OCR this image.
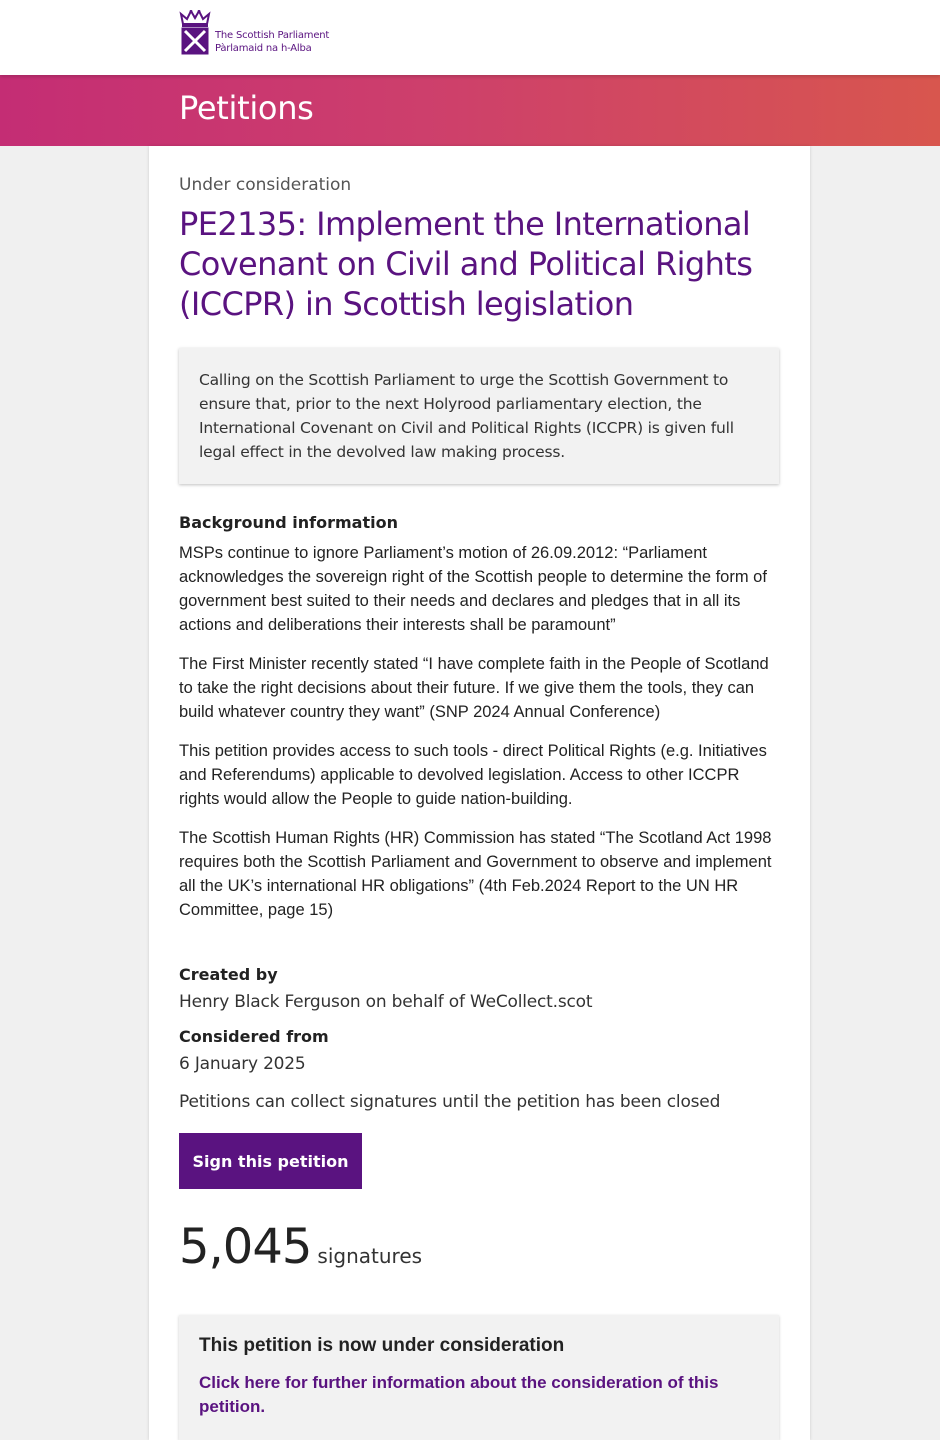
The Scottish Parliament
Pàrlamaid na h-Alba
Petitions
Under consideration
PE2135: Implement the International Covenant on Civil and Political Rights (ICCPR) in Scottish legislation
Calling on the Scottish Parliament to urge the Scottish Government to ensure that, prior to the next Holyrood parliamentary election, the International Covenant on Civil and Political Rights (ICCPR) is given full legal effect in the devolved law making process.
Background information

MSPs continue to ignore Parliament’s motion of 26.09.2012: “Parliament acknowledges the sovereign right of the Scottish people to determine the form of government best suited to their needs and declares and pledges that in all its actions and deliberations their interests shall be paramount”

The First Minister recently stated “I have complete faith in the People of Scotland to take the right decisions about their future. If we give them the tools, they can build whatever country they want” (SNP 2024 Annual Conference)

This petition provides access to such tools - direct Political Rights (e.g. Initiatives and Referendums) applicable to devolved legislation. Access to other ICCPR rights would allow the People to guide nation-building.

The Scottish Human Rights (HR) Commission has stated “The Scotland Act 1998 requires both the Scottish Parliament and Government to observe and implement all the UK’s international HR obligations” (4th Feb.2024 Report to the UN HR Committee, page 15)

Created by
Henry Black Ferguson on behalf of WeCollect.scot
Considered from
6 January 2025
Petitions can collect signatures until the petition has been closed
Sign this petition
5,045 signatures
This petition is now under consideration
Click here for further information about the consideration of this petition.
